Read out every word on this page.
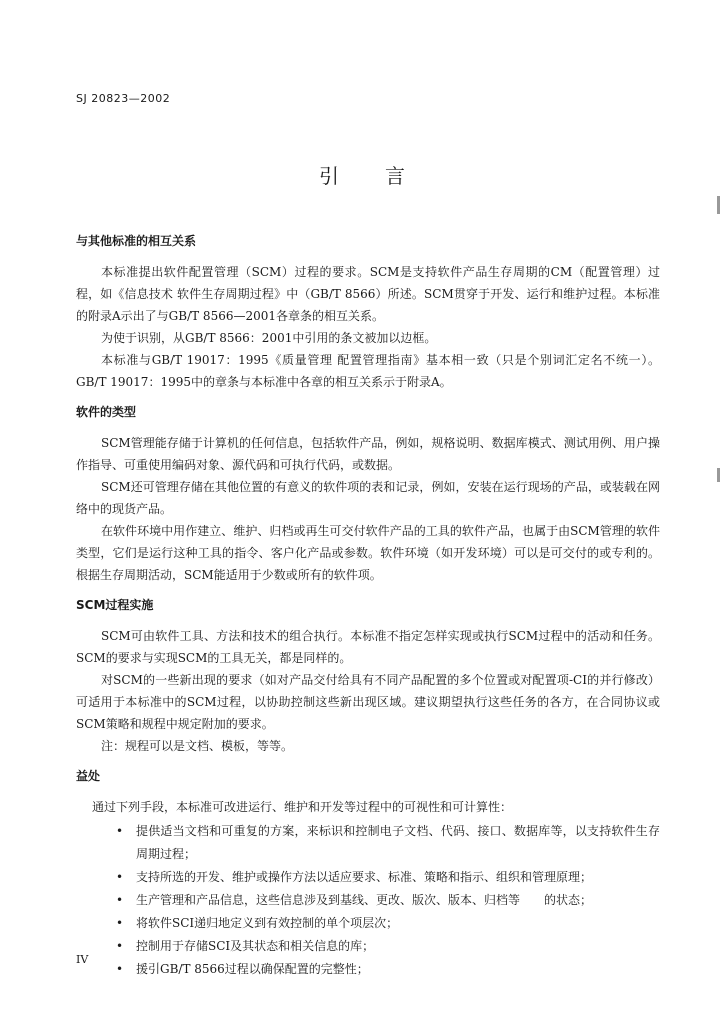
SJ 20823—2002
引言
与其他标准的相互关系

本标准提出软件配置管理（SCM）过程的要求。SCM是支持软件产品生存周期的CM（配置管理）过程，如《信息技术 软件生存周期过程》中（GB/T 8566）所述。SCM贯穿于开发、运行和维护过程。本标准的附录A示出了与GB/T 8566—2001各章条的相互关系。

为使于识别，从GB/T 8566：2001中引用的条文被加以边框。

本标准与GB/T 19017：1995《质量管理 配置管理指南》基本相一致（只是个别词汇定名不统一）。GB/T 19017：1995中的章条与本标准中各章的相互关系示于附录A。

软件的类型

SCM管理能存储于计算机的任何信息，包括软件产品，例如，规格说明、数据库模式、测试用例、用户操作指导、可重使用编码对象、源代码和可执行代码，或数据。

SCM还可管理存储在其他位置的有意义的软件项的表和记录，例如，安装在运行现场的产品，或装载在网络中的现货产品。

在软件环境中用作建立、维护、归档或再生可交付软件产品的工具的软件产品，也属于由SCM管理的软件类型，它们是运行这种工具的指令、客户化产品或参数。软件环境（如开发环境）可以是可交付的或专利的。根据生存周期活动，SCM能适用于少数或所有的软件项。

SCM过程实施

SCM可由软件工具、方法和技术的组合执行。本标准不指定怎样实现或执行SCM过程中的活动和任务。SCM的要求与实现SCM的工具无关，都是同样的。

对SCM的一些新出现的要求（如对产品交付给具有不同产品配置的多个位置或对配置项-CI的并行修改）可适用于本标准中的SCM过程，以协助控制这些新出现区域。建议期望执行这些任务的各方，在合同协议或SCM策略和规程中规定附加的要求。

注：规程可以是文档、模板，等等。

益处
通过下列手段，本标准可改进运行、维护和开发等过程中的可视性和可计算性：
• 提供适当文档和可重复的方案，来标识和控制电子文档、代码、接口、数据库等，以支持软件生存周期过程；
• 支持所选的开发、维护或操作方法以适应要求、标准、策略和指示、组织和管理原理；
• 生产管理和产品信息，这些信息涉及到基线、更改、版次、版本、归档等　　的状态；
• 将软件SCI递归地定义到有效控制的单个项层次；
• 控制用于存储SCI及其状态和相关信息的库；
• 援引GB/T 8566过程以确保配置的完整性；
IV
